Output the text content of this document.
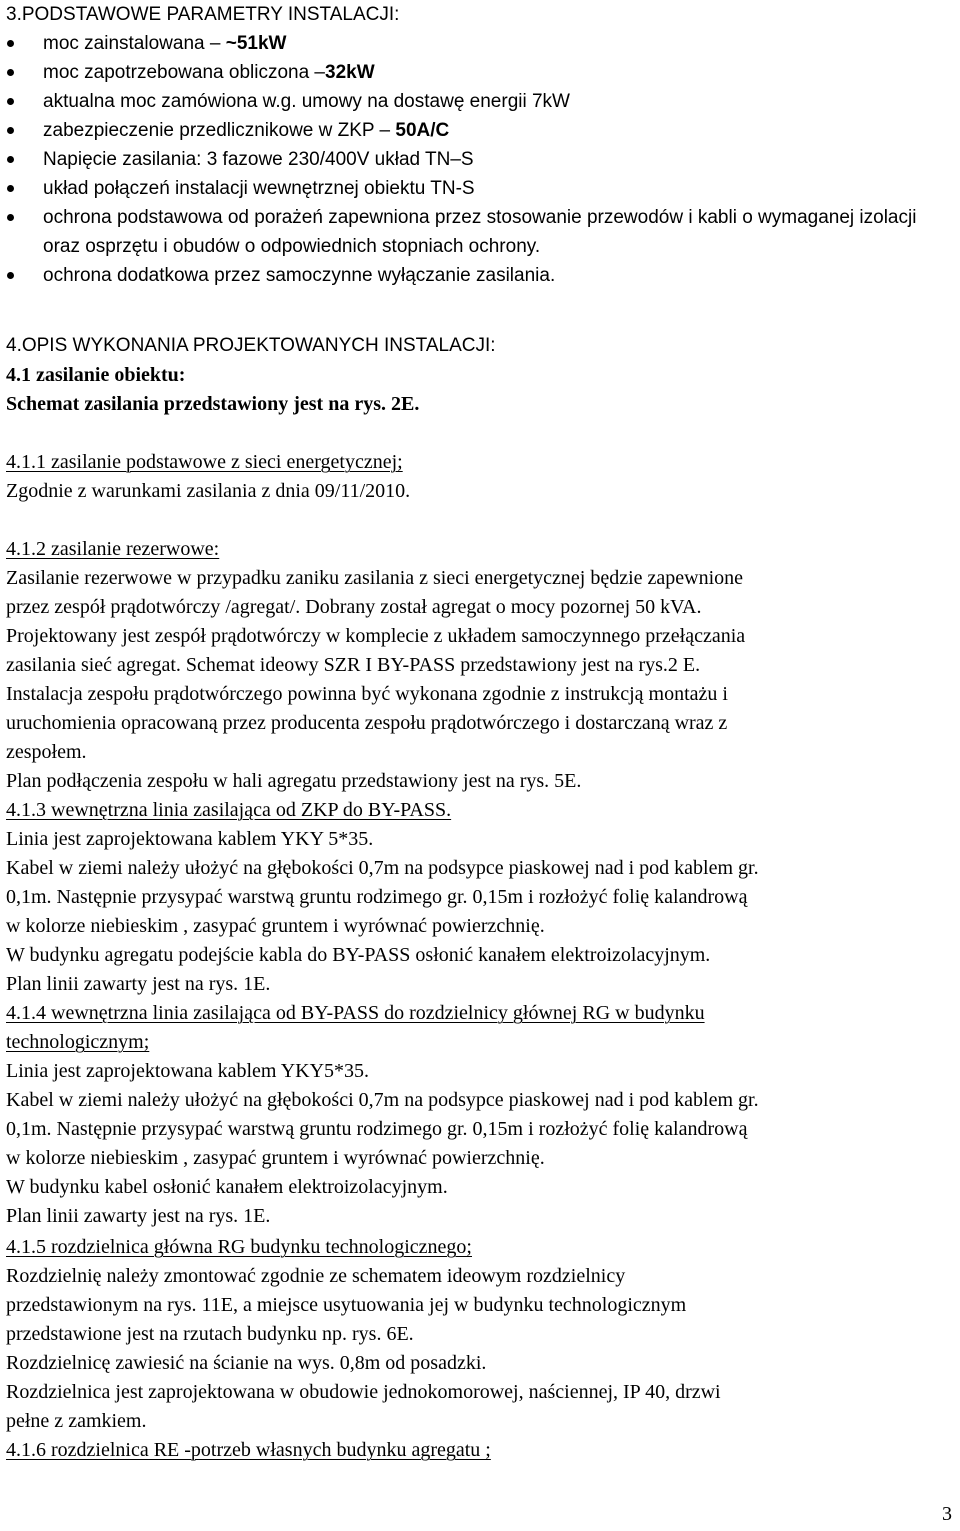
3.PODSTAWOWE PARAMETRY INSTALACJI:
moc zainstalowana – ~51kW
moc zapotrzebowana obliczona –32kW
aktualna moc zamówiona w.g. umowy na dostawę energii 7kW
zabezpieczenie przedlicznikowe w ZKP – 50A/C
Napięcie zasilania: 3 fazowe 230/400V układ TN–S
układ połączeń instalacji wewnętrznej obiektu TN-S
ochrona podstawowa od porażeń zapewniona przez stosowanie przewodów i kabli o wymaganej izolacji oraz osprzętu i obudów o odpowiednich stopniach ochrony.
ochrona dodatkowa przez samoczynne wyłączanie zasilania.
4.OPIS WYKONANIA PROJEKTOWANYCH INSTALACJI:
4.1 zasilanie obiektu:
Schemat zasilania przedstawiony jest na rys. 2E.
4.1.1 zasilanie podstawowe z sieci energetycznej;
Zgodnie z warunkami zasilania z dnia 09/11/2010.
4.1.2 zasilanie rezerwowe:
Zasilanie rezerwowe w przypadku zaniku zasilania z sieci energetycznej będzie zapewnione
przez zespół prądotwórczy /agregat/. Dobrany został agregat o mocy pozornej 50 kVA.
Projektowany jest zespół prądotwórczy w komplecie z układem samoczynnego przełączania
zasilania sieć agregat. Schemat ideowy SZR I BY-PASS przedstawiony jest na rys.2 E.
Instalacja zespołu prądotwórczego powinna być wykonana zgodnie z instrukcją montażu i
uruchomienia opracowaną przez producenta zespołu prądotwórczego i dostarczaną wraz z
zespołem.
Plan podłączenia zespołu w hali agregatu przedstawiony jest na rys. 5E.
4.1.3 wewnętrzna linia zasilająca od ZKP do BY-PASS.
Linia jest zaprojektowana kablem YKY 5*35.
Kabel w ziemi należy ułożyć na głębokości 0,7m na podsypce piaskowej nad i pod kablem gr.
0,1m. Następnie przysypać warstwą gruntu rodzimego gr. 0,15m i rozłożyć folię kalandrową
w kolorze niebieskim , zasypać gruntem i wyrównać powierzchnię.
W budynku agregatu podejście kabla do BY-PASS osłonić kanałem elektroizolacyjnym.
Plan linii zawarty jest na rys. 1E.
4.1.4 wewnętrzna linia zasilająca od BY-PASS do rozdzielnicy głównej RG w budynku
technologicznym;
Linia jest zaprojektowana kablem YKY5*35.
Kabel w ziemi należy ułożyć na głębokości 0,7m na podsypce piaskowej nad i pod kablem gr.
0,1m. Następnie przysypać warstwą gruntu rodzimego gr. 0,15m i rozłożyć folię kalandrową
w kolorze niebieskim , zasypać gruntem i wyrównać powierzchnię.
W budynku kabel osłonić kanałem elektroizolacyjnym.
Plan linii zawarty jest na rys. 1E.
4.1.5 rozdzielnica główna RG budynku technologicznego;
Rozdzielnię należy zmontować zgodnie ze schematem ideowym rozdzielnicy
przedstawionym na rys. 11E, a miejsce usytuowania jej w budynku technologicznym
przedstawione jest na rzutach budynku np. rys. 6E.
Rozdzielnicę zawiesić na ścianie na wys. 0,8m od posadzki.
Rozdzielnica jest zaprojektowana w obudowie jednokomorowej, naściennej, IP 40, drzwi
pełne z zamkiem.
4.1.6 rozdzielnica RE -potrzeb własnych budynku agregatu ;
3
